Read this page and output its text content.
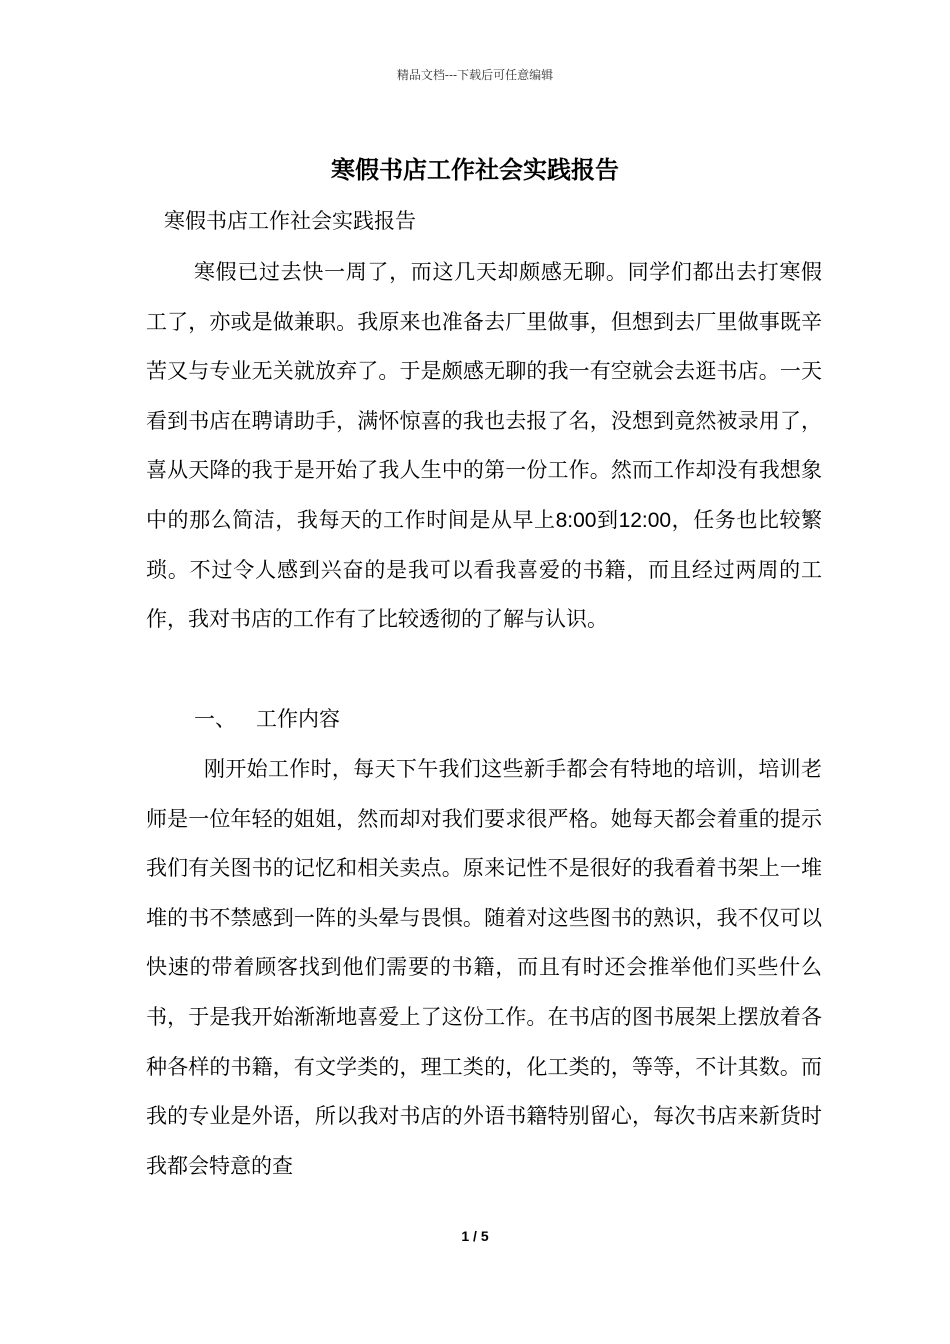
精品文档---下载后可任意编辑
寒假书店工作社会实践报告
寒假书店工作社会实践报告
寒假已过去快一周了，而这几天却颇感无聊。同学们都出去打寒假工了，亦或是做兼职。我原来也准备去厂里做事，但想到去厂里做事既辛苦又与专业无关就放弃了。于是颇感无聊的我一有空就会去逛书店。一天看到书店在聘请助手，满怀惊喜的我也去报了名，没想到竟然被录用了，喜从天降的我于是开始了我人生中的第一份工作。然而工作却没有我想象中的那么简洁，我每天的工作时间是从早上8:00到12:00，任务也比较繁琐。不过令人感到兴奋的是我可以看我喜爱的书籍，而且经过两周的工作，我对书店的工作有了比较透彻的了解与认识。
一、 工作内容
刚开始工作时，每天下午我们这些新手都会有特地的培训，培训老师是一位年轻的姐姐，然而却对我们要求很严格。她每天都会着重的提示我们有关图书的记忆和相关卖点。原来记性不是很好的我看着书架上一堆堆的书不禁感到一阵的头晕与畏惧。随着对这些图书的熟识，我不仅可以快速的带着顾客找到他们需要的书籍，而且有时还会推举他们买些什么书，于是我开始渐渐地喜爱上了这份工作。在书店的图书展架上摆放着各种各样的书籍，有文学类的，理工类的，化工类的，等等，不计其数。而我的专业是外语，所以我对书店的外语书籍特别留心，每次书店来新货时我都会特意的查
1 / 5
